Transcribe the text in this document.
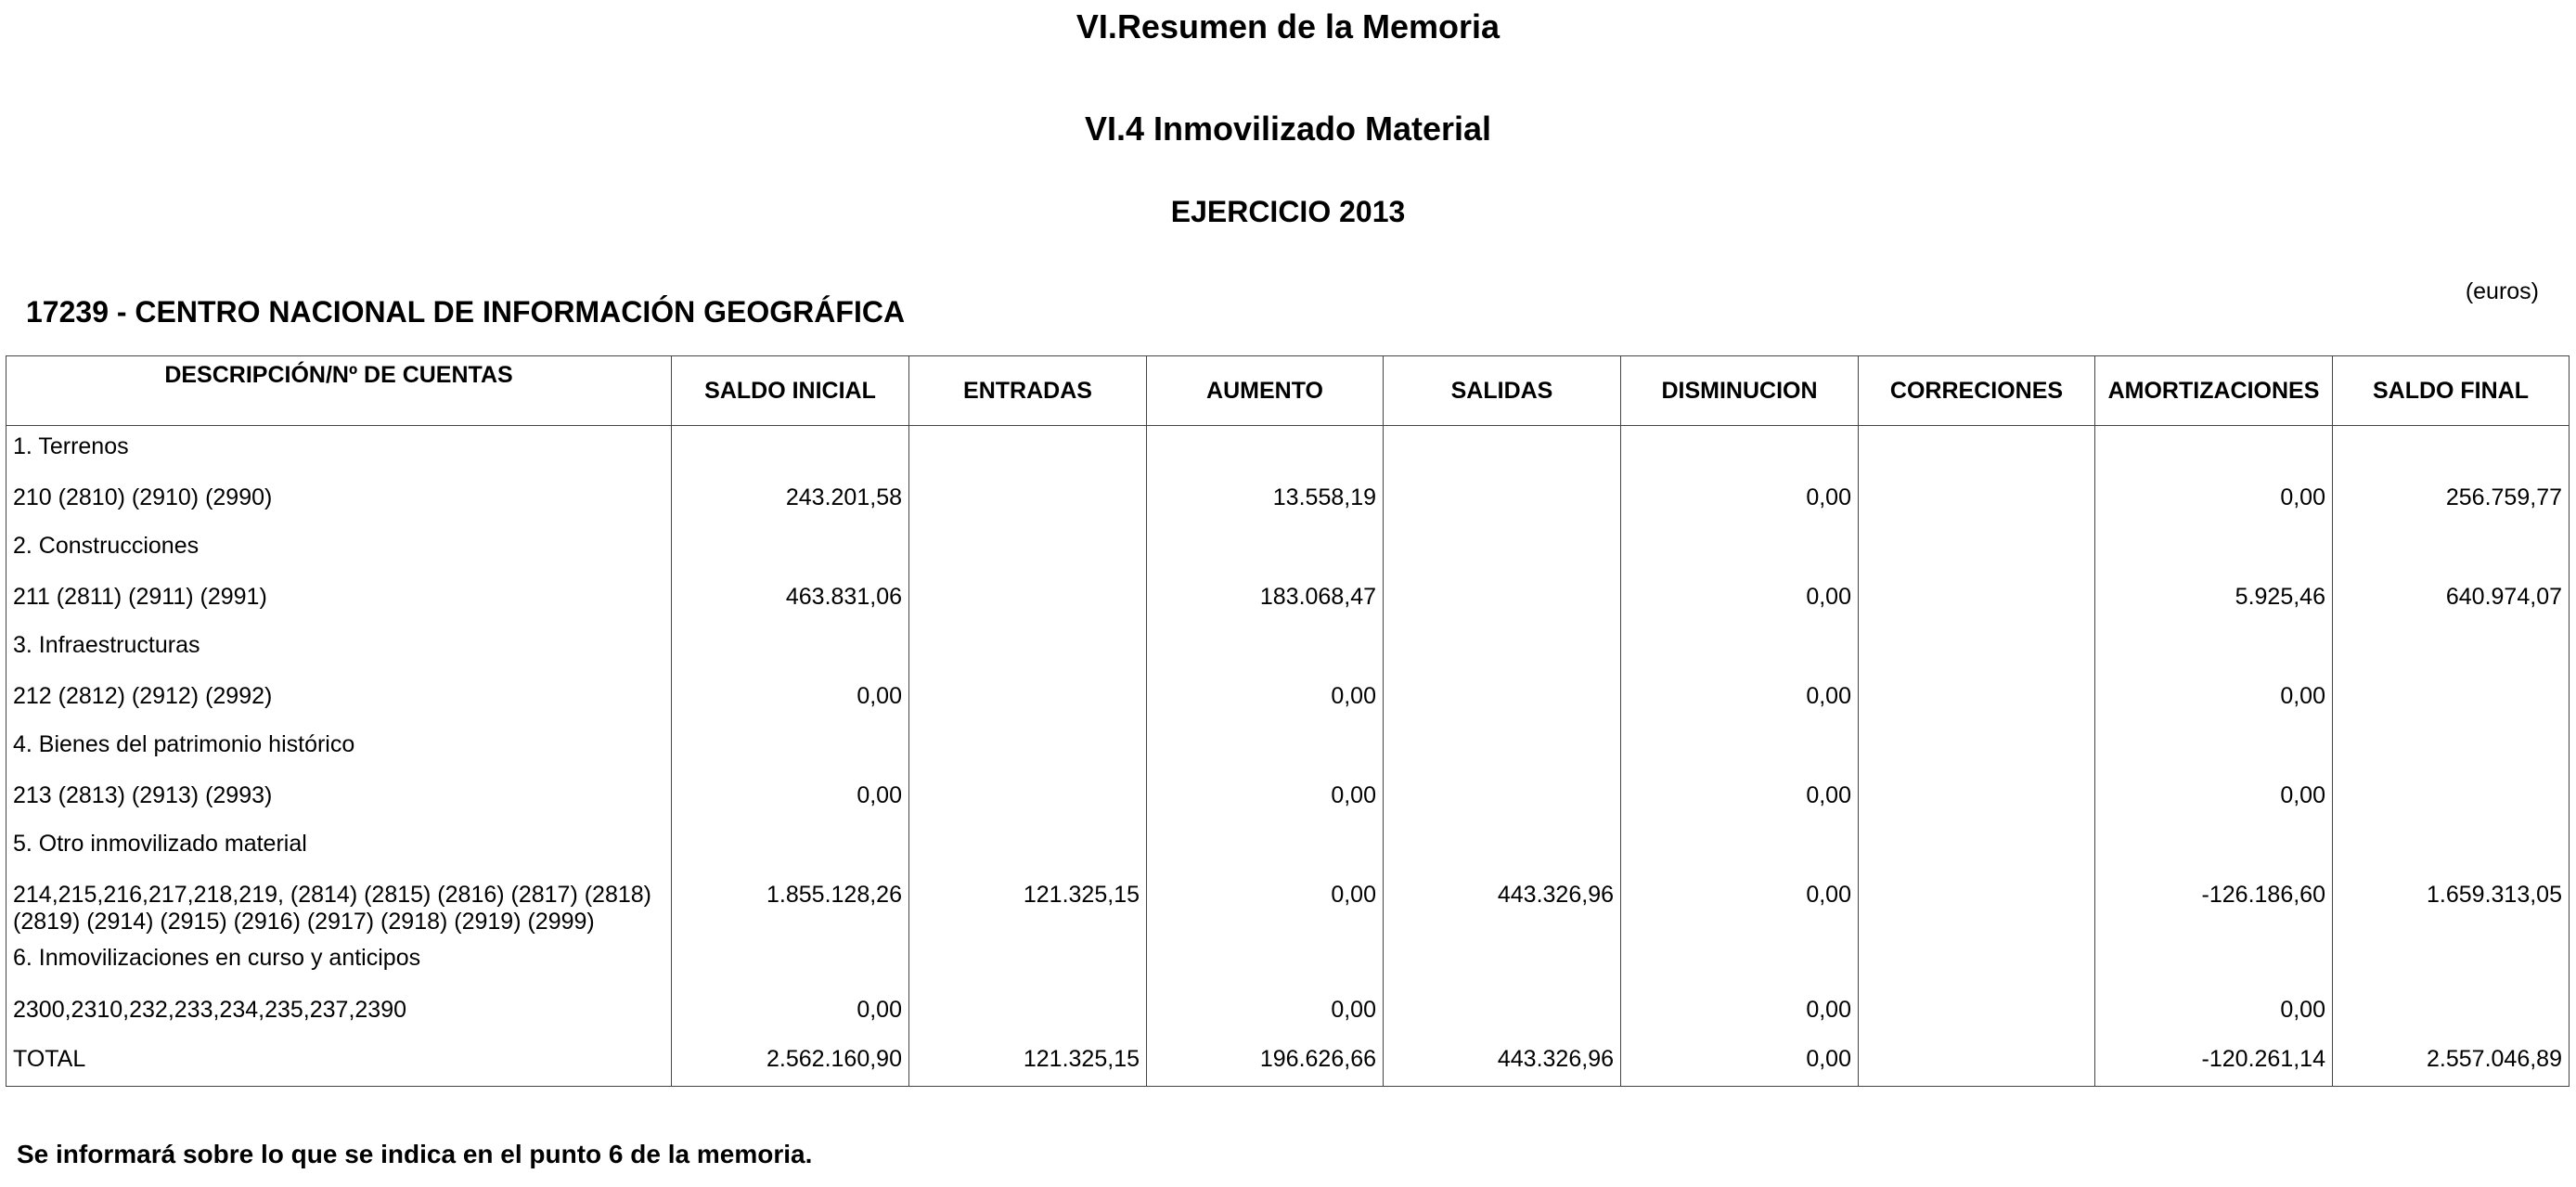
VI.Resumen de la Memoria
VI.4 Inmovilizado Material
EJERCICIO 2013
17239 - CENTRO NACIONAL DE INFORMACIÓN GEOGRÁFICA
(euros)
DESCRIPCIÓN/Nº DE CUENTAS	SALDO INICIAL	ENTRADAS	AUMENTO	SALIDAS	DISMINUCION	CORRECIONES	AMORTIZACIONES	SALDO FINAL
1. Terrenos								
210 (2810) (2910) (2990)	243.201,58		13.558,19		0,00		0,00	256.759,77
2. Construcciones								
211 (2811) (2911) (2991)	463.831,06		183.068,47		0,00		5.925,46	640.974,07
3. Infraestructuras								
212 (2812) (2912) (2992)	0,00		0,00		0,00		0,00	
4. Bienes del patrimonio histórico								
213 (2813) (2913) (2993)	0,00		0,00		0,00		0,00	
5. Otro inmovilizado material								
214,215,216,217,218,219, (2814) (2815) (2816) (2817) (2818) (2819) (2914) (2915) (2916) (2917) (2918) (2919) (2999)	1.855.128,26	121.325,15	0,00	443.326,96	0,00		-126.186,60	1.659.313,05
6. Inmovilizaciones en curso y anticipos								
2300,2310,232,233,234,235,237,2390	0,00		0,00		0,00		0,00	
TOTAL	2.562.160,90	121.325,15	196.626,66	443.326,96	0,00		-120.261,14	2.557.046,89
Se informará sobre lo que se indica en el punto 6 de la memoria.
